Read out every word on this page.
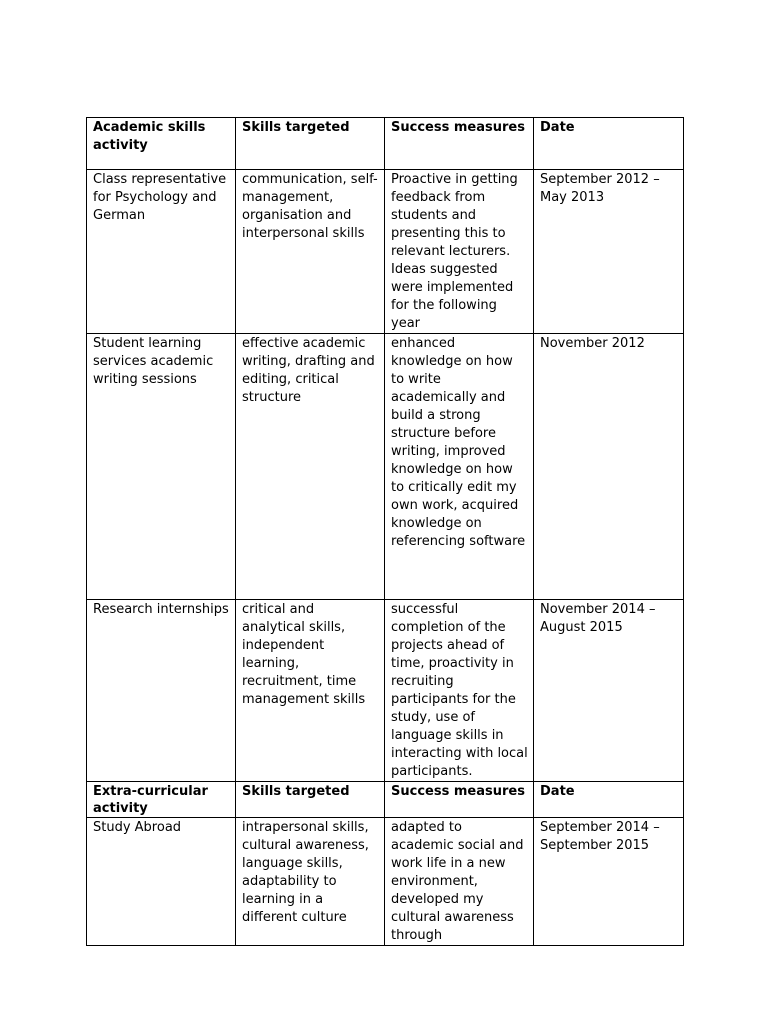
Academic skills activity	Skills targeted	Success measures	Date
Class representative for Psychology and German	communication, self-management, organisation and interpersonal skills	Proactive in getting feedback from students and presenting this to relevant lecturers. Ideas suggested were implemented for the following year	September 2012 – May 2013
Student learning services academic writing sessions	effective academic writing, drafting and editing, critical structure	enhanced knowledge on how to write academically and build a strong structure before writing, improved knowledge on how to critically edit my own work, acquired knowledge on referencing software	November 2012
Research internships	critical and analytical skills, independent learning, recruitment, time management skills	successful completion of the projects ahead of time, proactivity in recruiting participants for the study, use of language skills in interacting with local participants.	November 2014 – August 2015
Extra-curricular activity	Skills targeted	Success measures	Date
Study Abroad	intrapersonal skills, cultural awareness, language skills, adaptability to learning in a different culture	adapted to academic social and work life in a new environment, developed my cultural awareness through	September 2014 – September 2015
